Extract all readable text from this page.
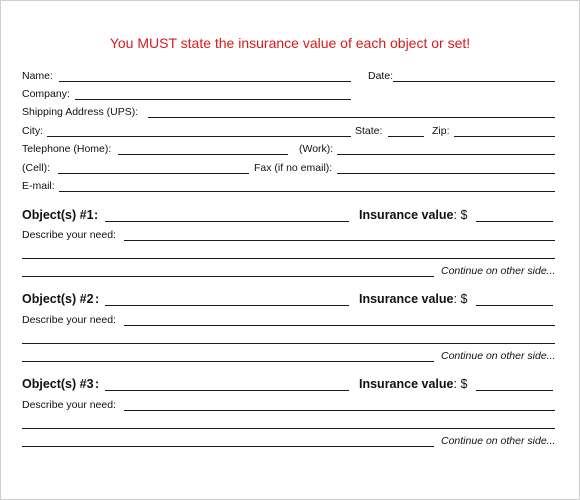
You MUST state the insurance value of each object or set!
Name:	Date:
Company:
Shipping Address (UPS):
City:	State:	Zip:
Telephone (Home):	(Work):
(Cell):	Fax (if no email):
E-mail:
Object(s) #1 :	Insurance value: $
Describe your need:
Continue on other side...
Object(s) #2 :	Insurance value: $
Describe your need:
Continue on other side...
Object(s) #3 :	Insurance value: $
Describe your need:
Continue on other side...
